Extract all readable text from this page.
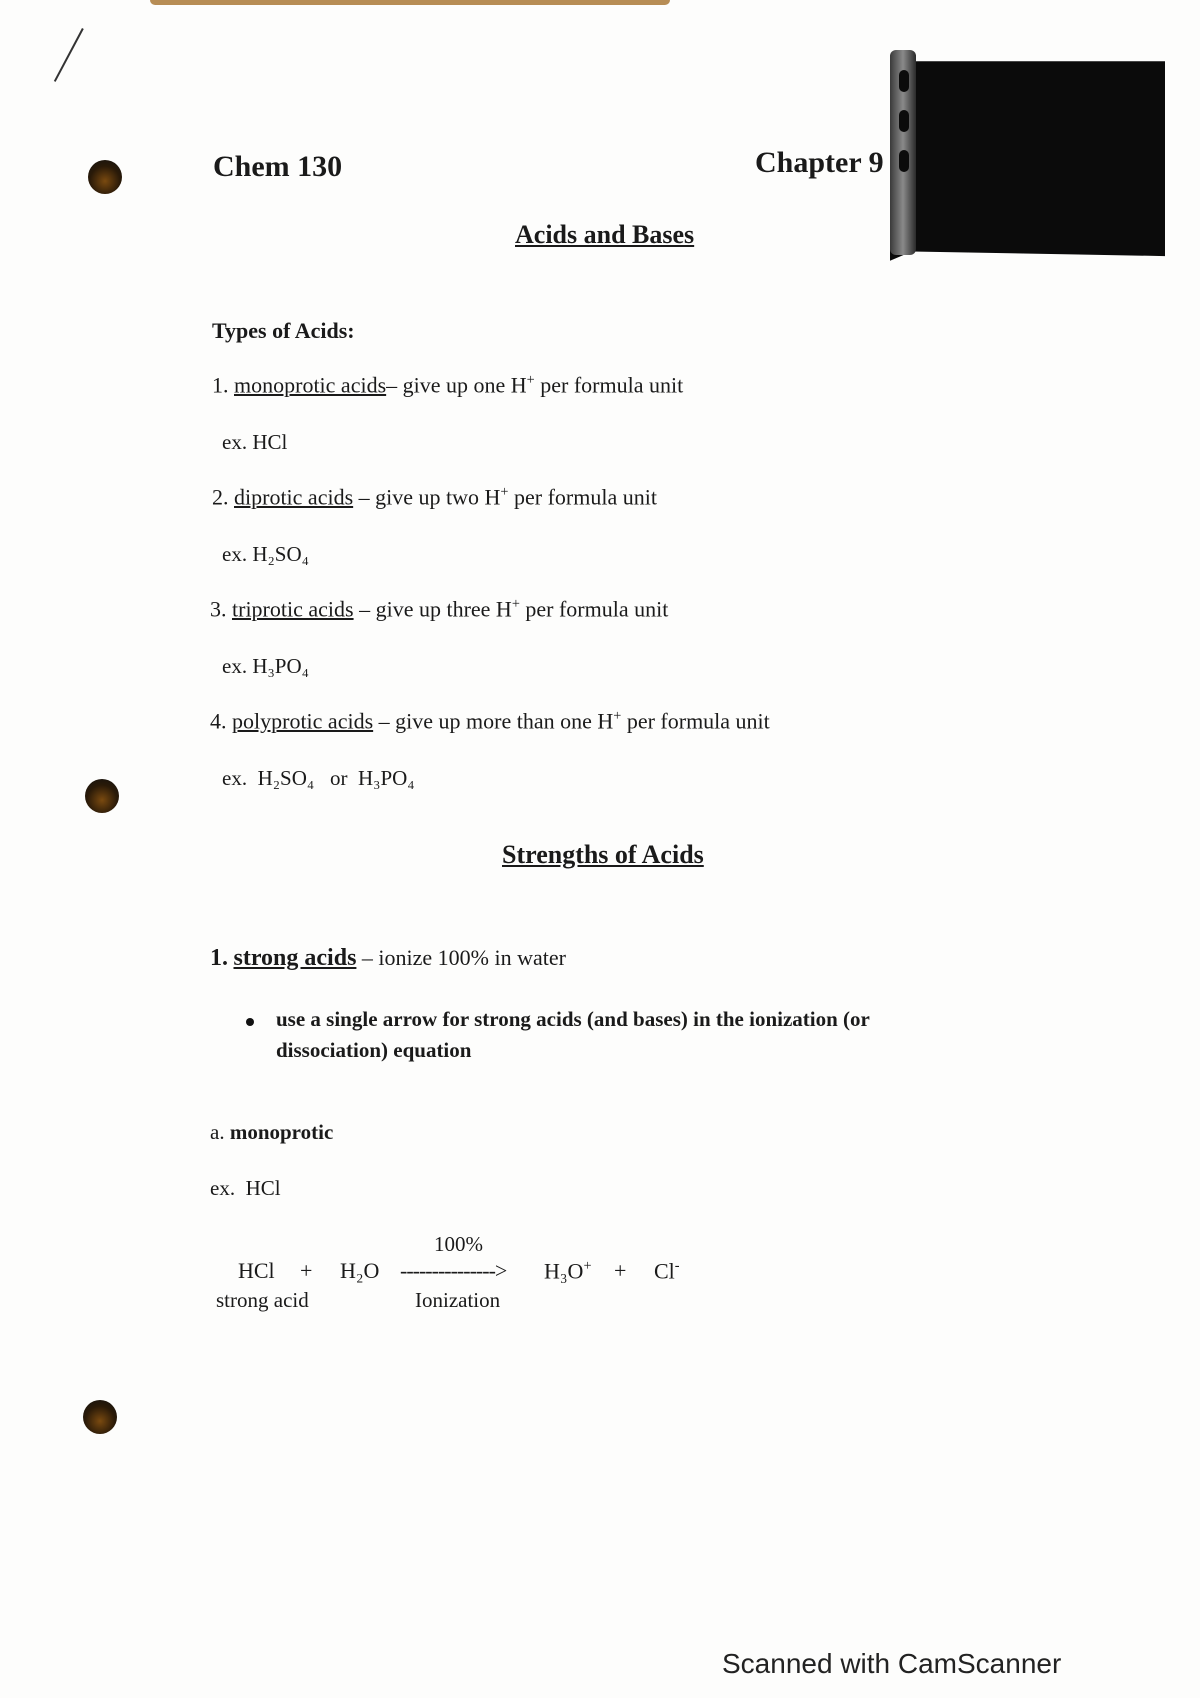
Chem 130	Chapter 9
Acids and Bases
Types of Acids:
1. monoprotic acids– give up one H+ per formula unit
ex. HCl
2. diprotic acids – give up two H+ per formula unit
ex. H₂SO₄
3. triprotic acids – give up three H+ per formula unit
ex. H₃PO₄
4. polyprotic acids – give up more than one H+ per formula unit
ex.  H₂SO₄   or  H₃PO₄
Strengths of Acids
1. strong acids – ionize 100% in water
use a single arrow for strong acids (and bases) in the ionization (or dissociation) equation
a. monoprotic
ex.  HCl
100%
HCl + H₂O ---------------> H₃O+ + Cl-
strong acid	Ionization
Scanned with CamScanner
